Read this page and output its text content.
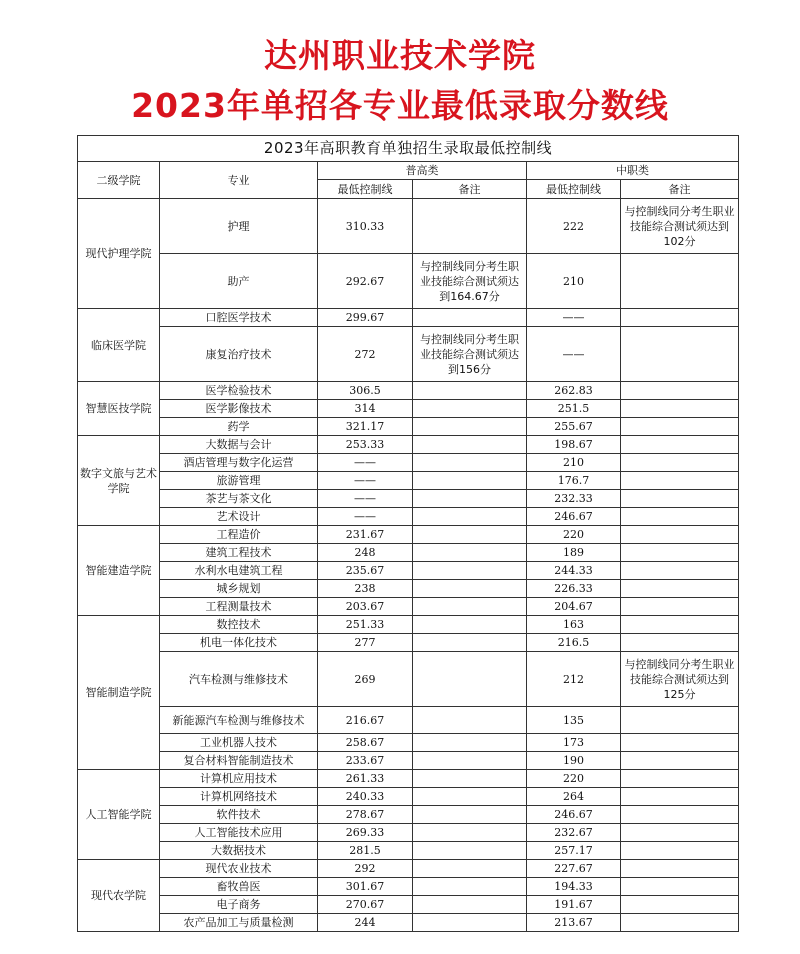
达州职业技术学院
2023年单招各专业最低录取分数线
2023年高职教育单独招生录取最低控制线					
二级学院	专业	普高类		中职类	
		最低控制线	备注	最低控制线	备注
现代护理学院	护理	310.33		222	与控制线同分考生职业技能综合测试须达到102分
	助产	292.67	与控制线同分考生职业技能综合测试须达到164.67分	210	
临床医学院	口腔医学技术	299.67		——	
	康复治疗技术	272	与控制线同分考生职业技能综合测试须达到156分	——	
智慧医技学院	医学检验技术	306.5		262.83	
	医学影像技术	314		251.5	
	药学	321.17		255.67	
数字文旅与艺术学院	大数据与会计	253.33		198.67	
	酒店管理与数字化运营	——		210	
	旅游管理	——		176.7	
	茶艺与茶文化	——		232.33	
	艺术设计	——		246.67	
智能建造学院	工程造价	231.67		220	
	建筑工程技术	248		189	
	水利水电建筑工程	235.67		244.33	
	城乡规划	238		226.33	
	工程测量技术	203.67		204.67	
智能制造学院	数控技术	251.33		163	
	机电一体化技术	277		216.5	
	汽车检测与维修技术	269		212	与控制线同分考生职业技能综合测试须达到125分
	新能源汽车检测与维修技术	216.67		135	
	工业机器人技术	258.67		173	
	复合材料智能制造技术	233.67		190	
人工智能学院	计算机应用技术	261.33		220	
	计算机网络技术	240.33		264	
	软件技术	278.67		246.67	
	人工智能技术应用	269.33		232.67	
	大数据技术	281.5		257.17	
现代农学院	现代农业技术	292		227.67	
	畜牧兽医	301.67		194.33	
	电子商务	270.67		191.67	
	农产品加工与质量检测	244		213.67	
